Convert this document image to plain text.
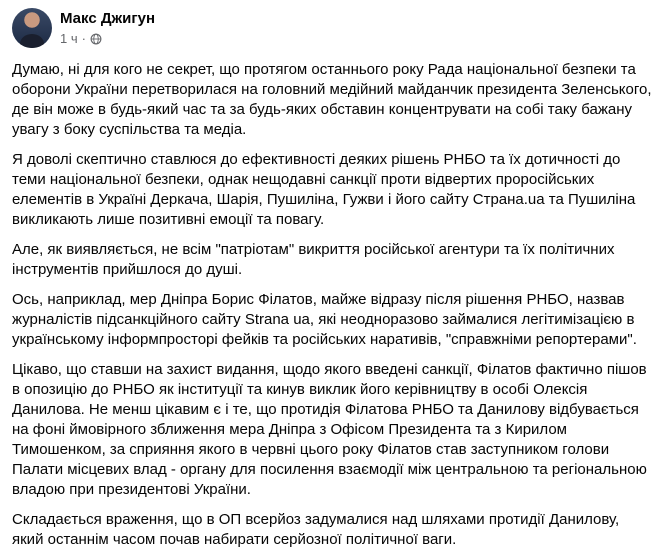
Макс Джигун
1 ч ·

Думаю, ні для кого не секрет, що протягом останнього року Рада національної безпеки та оборони України перетворилася на головний медійний майданчик президента Зеленського, де він може в будь-який час та за будь-яких обставин концентрувати на собі таку бажану увагу з боку суспільства та медіа.

Я доволі скептично ставлюся до ефективності деяких рішень РНБО та їх дотичності до теми національної безпеки, однак нещодавні санкції проти відвертих проросійських елементів в Україні Деркача, Шарія, Пушиліна, Гужви і його сайту Страна.ua та Пушиліна викликають лише позитивні емоції та повагу.

Але, як виявляється, не всім "патріотам" викриття російської агентури та їх політичних інструментів прийшлося до душі.

Ось, наприклад, мер Дніпра Борис Філатов, майже відразу після рішення РНБО, назвав журналістів підсанкційного сайту Strana ua, які неодноразово займалися легітимізацією в українському інформпросторі фейків та російських наративів, "справжніми репортерами".

Цікаво, що ставши на захист видання, щодо якого введені санкції, Філатов фактично пішов в опозицію до РНБО як інституції та кинув виклик його керівництву в особі Олексія Данилова. Не менш цікавим є і те, що протидія Філатова РНБО та Данилову відбувається на фоні ймовірного зближення мера Дніпра з Офісом Президента та з Кирилом Тимошенком, за сприяння якого в червні цього року Філатов став заступником голови Палати місцевих влад - органу для посилення взаємодії між центральною та регіональною владою при президентові України.

Складається враження, що в ОП всерйоз задумалися над шляхами протидії Данилову, який останнім часом почав набирати серйозної політичної ваги.
